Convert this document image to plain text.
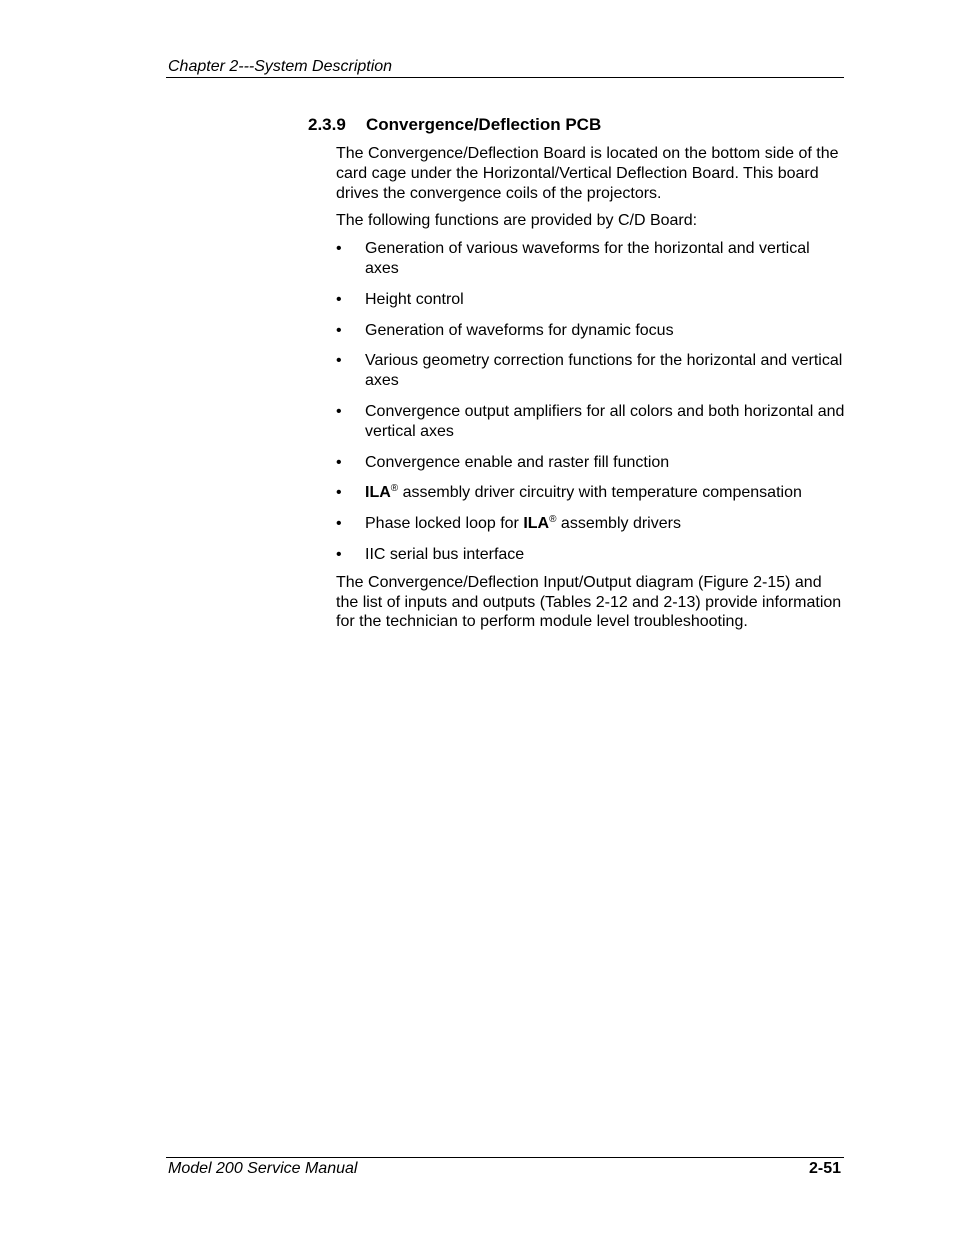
Chapter 2---System Description
2.3.9 Convergence/Deflection PCB

The Convergence/Deflection Board is located on the bottom side of the card cage under the Horizontal/Vertical Deflection Board. This board drives the convergence coils of the projectors.

The following functions are provided by C/D Board:

• Generation of various waveforms for the horizontal and vertical axes
• Height control
• Generation of waveforms for dynamic focus
• Various geometry correction functions for the horizontal and vertical axes
• Convergence output amplifiers for all colors and both horizontal and vertical axes
• Convergence enable and raster fill function
• ILA® assembly driver circuitry with temperature compensation
• Phase locked loop for ILA® assembly drivers
• IIC serial bus interface

The Convergence/Deflection Input/Output diagram (Figure 2-15) and the list of inputs and outputs (Tables 2-12 and 2-13) provide information for the technician to perform module level troubleshooting.

Model 200 Service Manual	2-51
